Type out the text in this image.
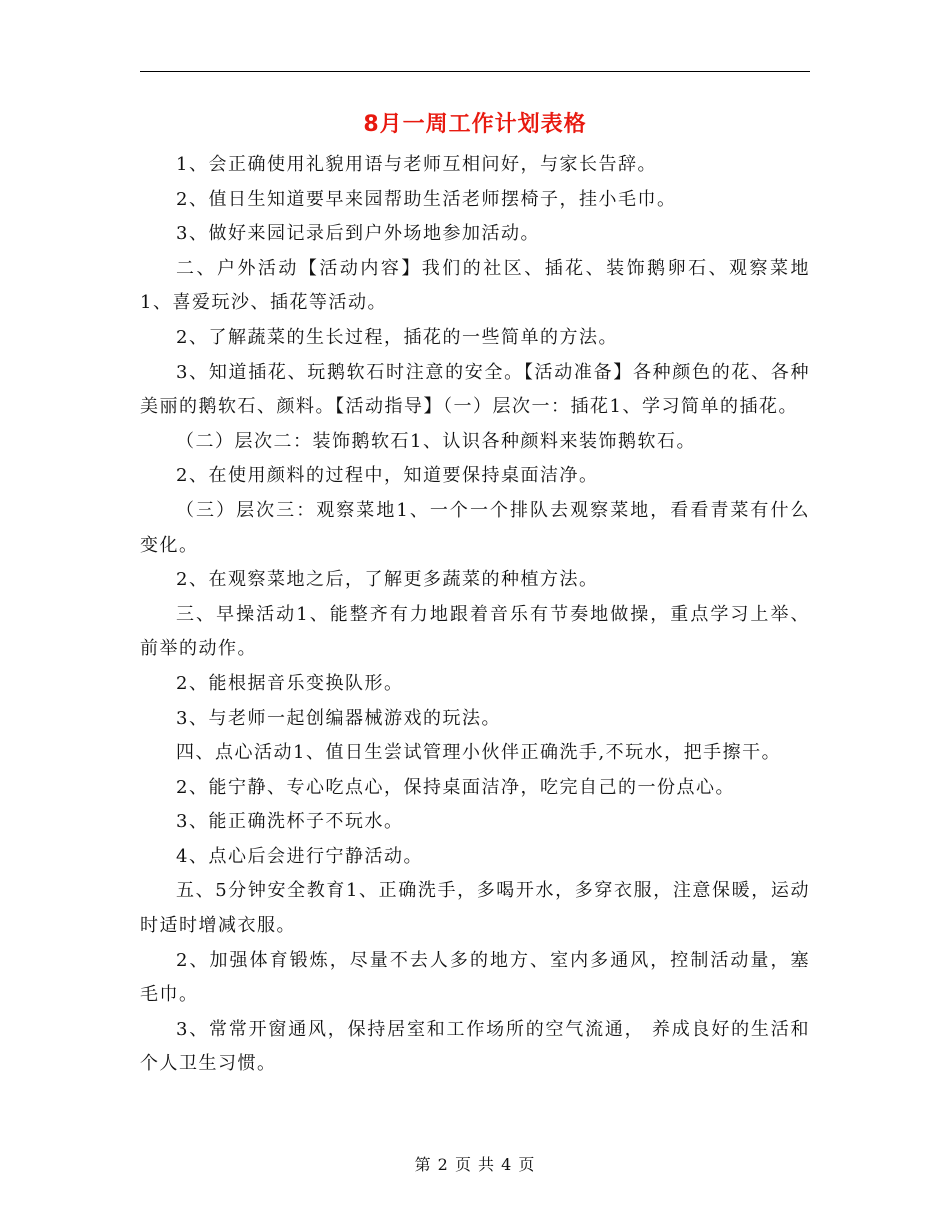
8月一周工作计划表格

1、会正确使用礼貌用语与老师互相问好，与家长告辞。

2、值日生知道要早来园帮助生活老师摆椅子，挂小毛巾。

3、做好来园记录后到户外场地参加活动。

二、户外活动【活动内容】我们的社区、插花、装饰鹅卵石、观察菜地1、喜爱玩沙、插花等活动。

2、了解蔬菜的生长过程，插花的一些简单的方法。

3、知道插花、玩鹅软石时注意的安全。【活动准备】各种颜色的花、各种美丽的鹅软石、颜料。【活动指导】（一）层次一：插花1、学习简单的插花。

（二）层次二：装饰鹅软石1、认识各种颜料来装饰鹅软石。

2、在使用颜料的过程中，知道要保持桌面洁净。

（三）层次三：观察菜地1、一个一个排队去观察菜地，看看青菜有什么变化。

2、在观察菜地之后，了解更多蔬菜的种植方法。

三、早操活动1、能整齐有力地跟着音乐有节奏地做操，重点学习上举、前举的动作。

2、能根据音乐变换队形。

3、与老师一起创编器械游戏的玩法。

四、点心活动1、值日生尝试管理小伙伴正确洗手,不玩水，把手擦干。

2、能宁静、专心吃点心，保持桌面洁净，吃完自己的一份点心。

3、能正确洗杯子不玩水。

4、点心后会进行宁静活动。

五、5分钟安全教育1、正确洗手，多喝开水，多穿衣服，注意保暖，运动时适时增减衣服。

2、加强体育锻炼，尽量不去人多的地方、室内多通风，控制活动量，塞毛巾。

3、常常开窗通风，保持居室和工作场所的空气流通， 养成良好的生活和个人卫生习惯。

第 2 页 共 4 页
